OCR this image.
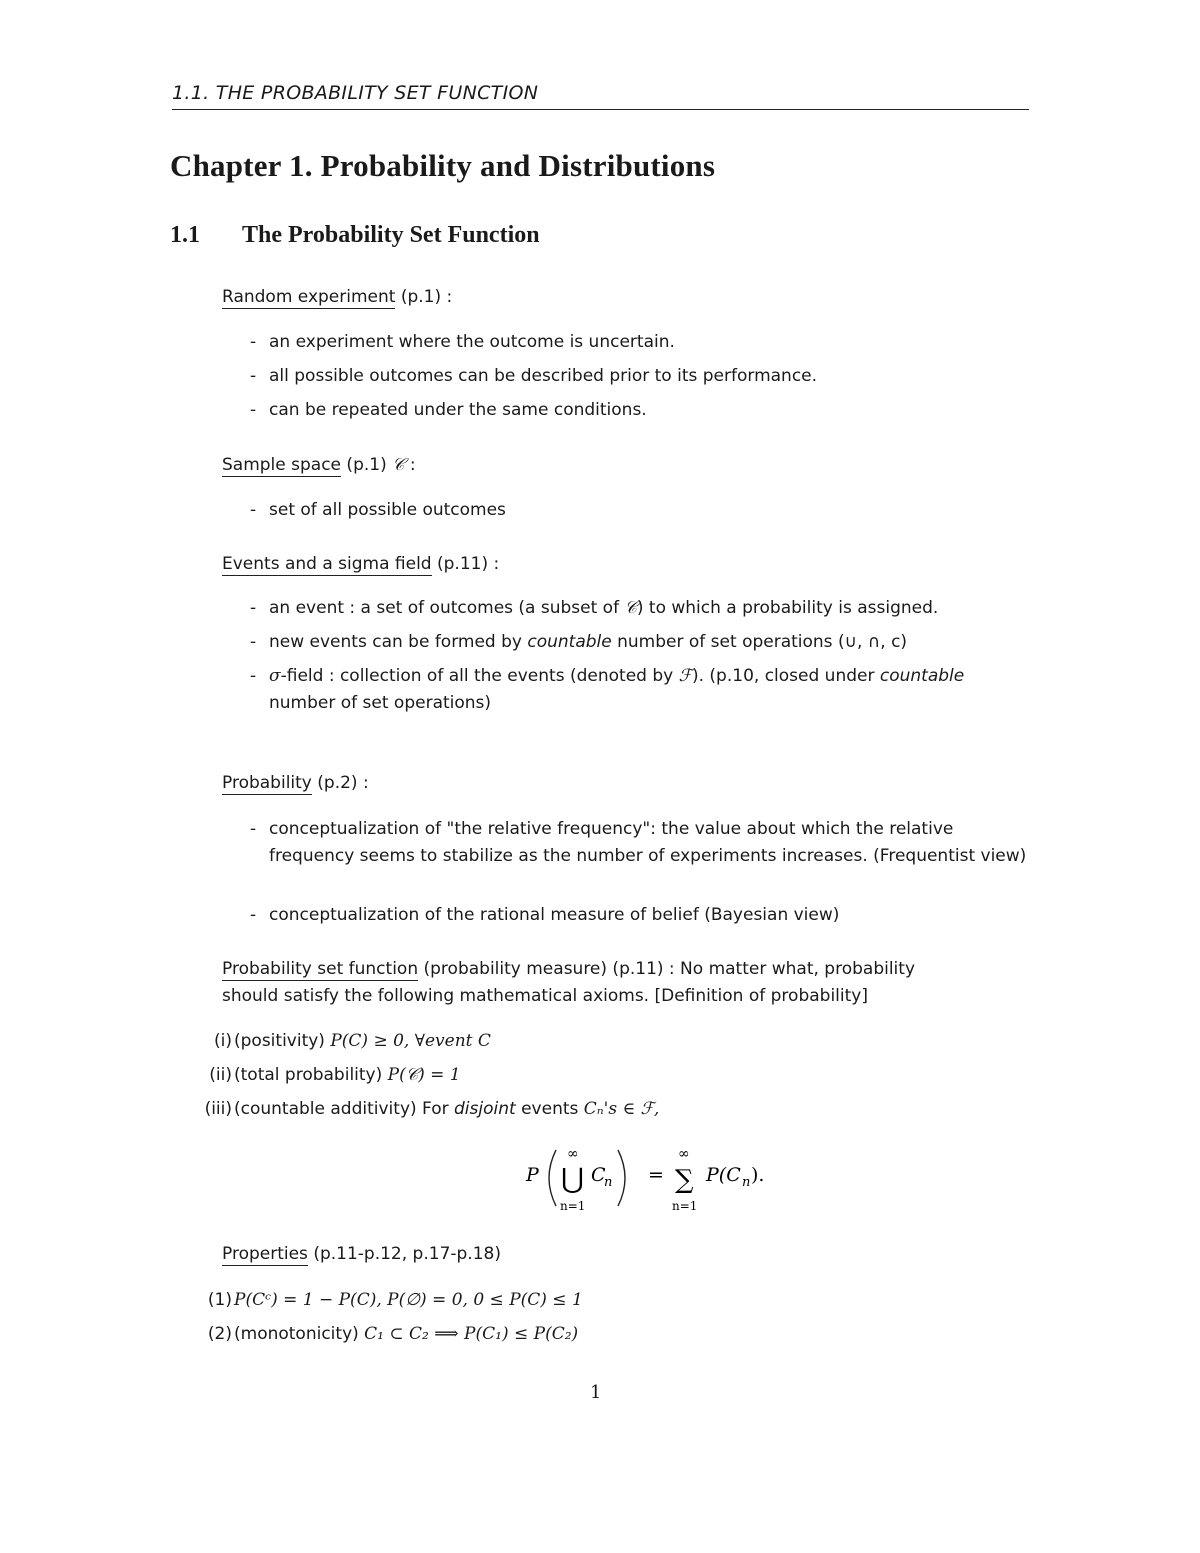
1.1. THE PROBABILITY SET FUNCTION
Chapter 1. Probability and Distributions
1.1 The Probability Set Function
Random experiment (p.1) :
- an experiment where the outcome is uncertain.
- all possible outcomes can be described prior to its performance.
- can be repeated under the same conditions.
Sample space (p.1) 𝒞 :
- set of all possible outcomes
Events and a sigma field (p.11) :
- an event : a set of outcomes (a subset of 𝒞) to which a probability is assigned.
- new events can be formed by countable number of set operations (∪, ∩, c)
- σ-field : collection of all the events (denoted by ℱ). (p.10, closed under countable
number of set operations)
Probability (p.2) :
- conceptualization of "the relative frequency": the value about which the relative frequency seems to stabilize as the number of experiments increases. (Frequentist view)
- conceptualization of the rational measure of belief (Bayesian view)
Probability set function (probability measure) (p.11) : No matter what, probability
should satisfy the following mathematical axioms. [Definition of probability]
(i) (positivity) P(C) ≥ 0, ∀event C
(ii) (total probability) P(𝒞) = 1
(iii) (countable additivity) For disjoint events Cₙ's ∈ ℱ,
P
∞
⋃
n=1
C
n =
∞
∑
n=1
P(C n ).
Properties (p.11-p.12, p.17-p.18)
(1) P(Cᶜ) = 1 − P(C), P(∅) = 0, 0 ≤ P(C) ≤ 1
(2) (monotonicity) C₁ ⊂ C₂ ⟹ P(C₁) ≤ P(C₂)
1
